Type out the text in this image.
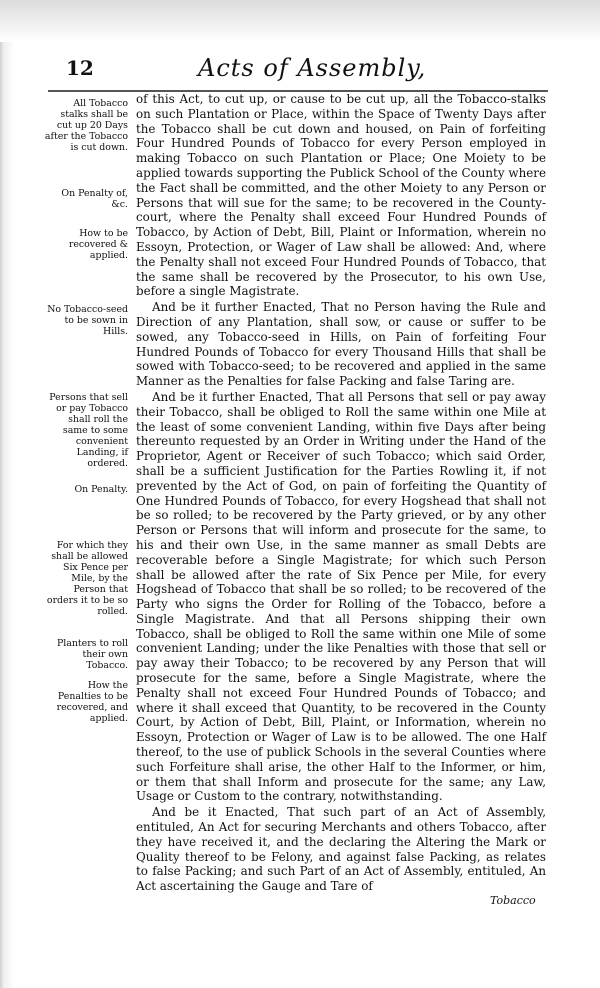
12	Acts of Assembly,
All Tobacco stalks shall be cut up 20 Days after the Tobacco is cut down.
On Penalty of, &c.
How to be recovered & applied.
No Tobacco-seed to be sown in Hills.
Persons that sell or pay Tobacco shall roll the same to some convenient Landing, if ordered.
On Penalty.
For which they shall be allowed Six Pence per Mile, by the Person that orders it to be so rolled.
Planters to roll their own Tobacco.
How the Penalties to be recovered, and applied.

of this Act, to cut up, or cause to be cut up, all the Tobacco-stalks on such Plantation or Place, within the Space of Twenty Days after the Tobacco shall be cut down and housed, on Pain of forfeiting Four Hundred Pounds of Tobacco for every Person employed in making Tobacco on such Plantation or Place; One Moiety to be applied towards supporting the Publick School of the County where the Fact shall be committed, and the other Moiety to any Person or Persons that will sue for the same; to be recovered in the County-court, where the Penalty shall exceed Four Hundred Pounds of Tobacco, by Action of Debt, Bill, Plaint or Information, wherein no Essoyn, Protection, or Wager of Law shall be allowed: And, where the Penalty shall not exceed Four Hundred Pounds of Tobacco, that the same shall be recovered by the Prosecutor, to his own Use, before a single Magistrate.

And be it further Enacted, That no Person having the Rule and Direction of any Plantation, shall sow, or cause or suffer to be sowed, any Tobacco-seed in Hills, on Pain of forfeiting Four Hundred Pounds of Tobacco for every Thousand Hills that shall be sowed with Tobacco-seed; to be recovered and applied in the same Manner as the Penalties for false Packing and false Taring are.

And be it further Enacted, That all Persons that sell or pay away their Tobacco, shall be obliged to Roll the same within one Mile at the least of some convenient Landing, within five Days after being thereunto requested by an Order in Writing under the Hand of the Proprietor, Agent or Receiver of such Tobacco; which said Order, shall be a sufficient Justification for the Parties Rowling it, if not prevented by the Act of God, on pain of forfeiting the Quantity of One Hundred Pounds of Tobacco, for every Hogshead that shall not be so rolled; to be recovered by the Party grieved, or by any other Person or Persons that will inform and prosecute for the same, to his and their own Use, in the same manner as small Debts are recoverable before a Single Magistrate; for which such Person shall be allowed after the rate of Six Pence per Mile, for every Hogshead of Tobacco that shall be so rolled; to be recovered of the Party who signs the Order for Rolling of the Tobacco, before a Single Magistrate. And that all Persons shipping their own Tobacco, shall be obliged to Roll the same within one Mile of some convenient Landing; under the like Penalties with those that sell or pay away their Tobacco; to be recovered by any Person that will prosecute for the same, before a Single Magistrate, where the Penalty shall not exceed Four Hundred Pounds of Tobacco; and where it shall exceed that Quantity, to be recovered in the County Court, by Action of Debt, Bill, Plaint, or Information, wherein no Essoyn, Protection or Wager of Law is to be allowed. The one Half thereof, to the use of publick Schools in the several Counties where such Forfeiture shall arise, the other Half to the Informer, or him, or them that shall Inform and prosecute for the same; any Law, Usage or Custom to the contrary, notwithstanding.

And be it Enacted, That such part of an Act of Assembly, entituled, An Act for securing Merchants and others Tobacco, after they have received it, and the declaring the Altering the Mark or Quality thereof to be Felony, and against false Packing, as relates to false Packing; and such Part of an Act of Assembly, entituled, An Act ascertaining the Gauge and Tare of

Tobacco
